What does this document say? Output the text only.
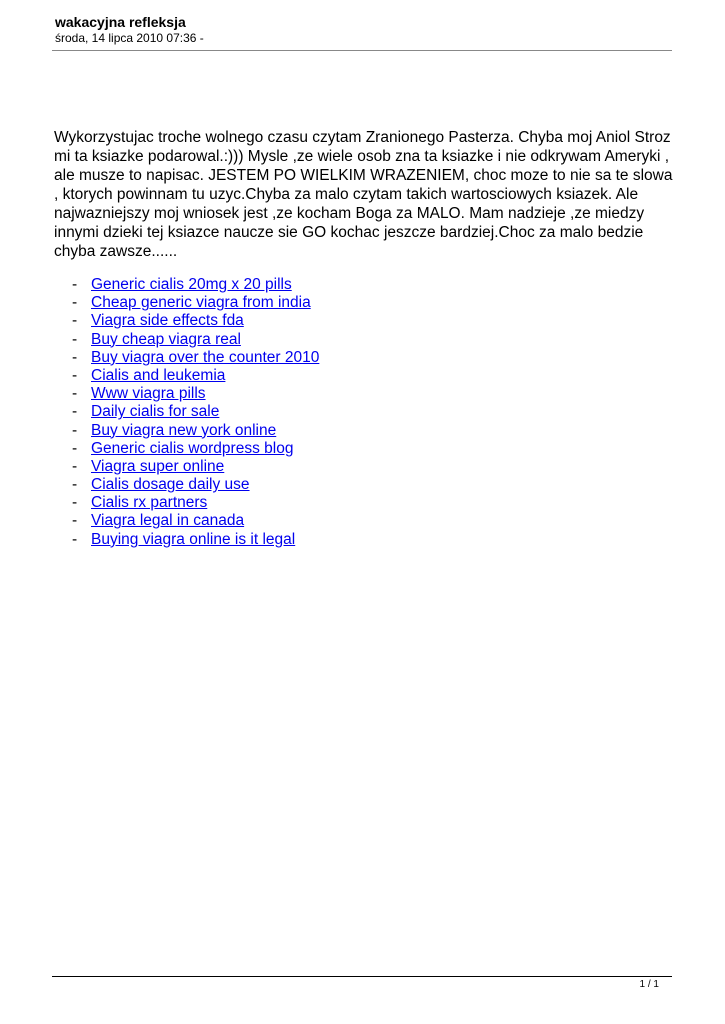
wakacyjna refleksja
środa, 14 lipca 2010 07:36 -

Wykorzystujac troche wolnego czasu czytam Zranionego Pasterza. Chyba moj Aniol Stroz mi ta ksiazke podarowal.:))) Mysle ,ze wiele osob zna ta ksiazke i nie odkrywam Ameryki , ale musze to napisac. JESTEM PO WIELKIM WRAZENIEM, choc moze to nie sa te slowa , ktorych powinnam tu uzyc.Chyba za malo czytam takich wartosciowych ksiazek. Ale najwazniejszy moj wniosek jest ,ze kocham Boga za MALO. Mam nadzieje ,ze miedzy innymi dzieki tej ksiazce naucze sie GO kochac jeszcze bardziej.Choc za malo bedzie chyba zawsze......

- Generic cialis 20mg x 20 pills
- Cheap generic viagra from india
- Viagra side effects fda
- Buy cheap viagra real
- Buy viagra over the counter 2010
- Cialis and leukemia
- Www viagra pills
- Daily cialis for sale
- Buy viagra new york online
- Generic cialis wordpress blog
- Viagra super online
- Cialis dosage daily use
- Cialis rx partners
- Viagra legal in canada
- Buying viagra online is it legal
1 / 1
